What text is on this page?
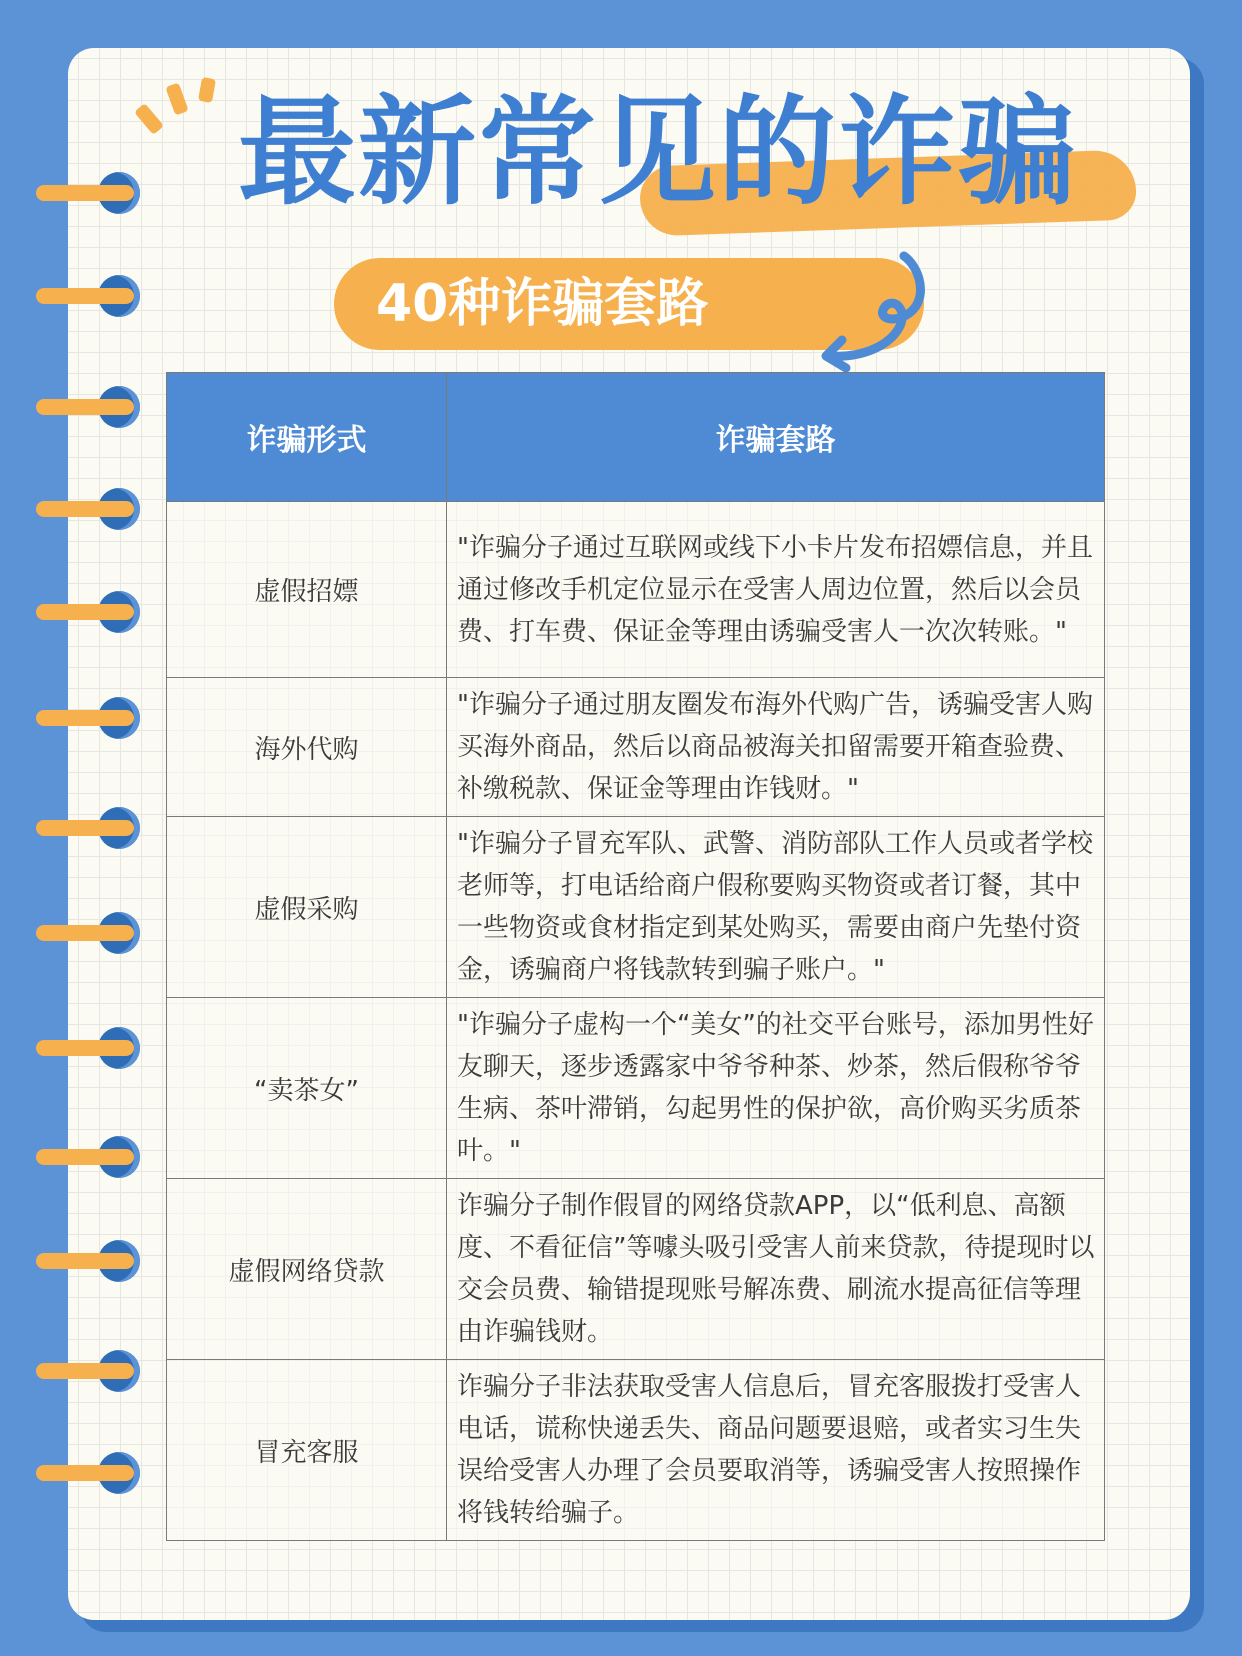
最新常见的诈骗
40种诈骗套路
诈骗形式	诈骗套路
虚假招嫖	"诈骗分子通过互联网或线下小卡片发布招嫖信息，并且通过修改手机定位显示在受害人周边位置，然后以会员费、打车费、保证金等理由诱骗受害人一次次转账。"
海外代购	"诈骗分子通过朋友圈发布海外代购广告，诱骗受害人购买海外商品，然后以商品被海关扣留需要开箱查验费、补缴税款、保证金等理由诈钱财。"
虚假采购	"诈骗分子冒充军队、武警、消防部队工作人员或者学校老师等，打电话给商户假称要购买物资或者订餐，其中一些物资或食材指定到某处购买，需要由商户先垫付资金，诱骗商户将钱款转到骗子账户。"
“卖茶女”	"诈骗分子虚构一个“美女”的社交平台账号，添加男性好友聊天，逐步透露家中爷爷种茶、炒茶，然后假称爷爷生病、茶叶滞销，勾起男性的保护欲，高价购买劣质茶叶。"
虚假网络贷款	诈骗分子制作假冒的网络贷款APP，以“低利息、高额度、不看征信”等噱头吸引受害人前来贷款，待提现时以交会员费、输错提现账号解冻费、刷流水提高征信等理由诈骗钱财。
冒充客服	诈骗分子非法获取受害人信息后，冒充客服拨打受害人电话，谎称快递丢失、商品问题要退赔，或者实习生失误给受害人办理了会员要取消等，诱骗受害人按照操作将钱转给骗子。
